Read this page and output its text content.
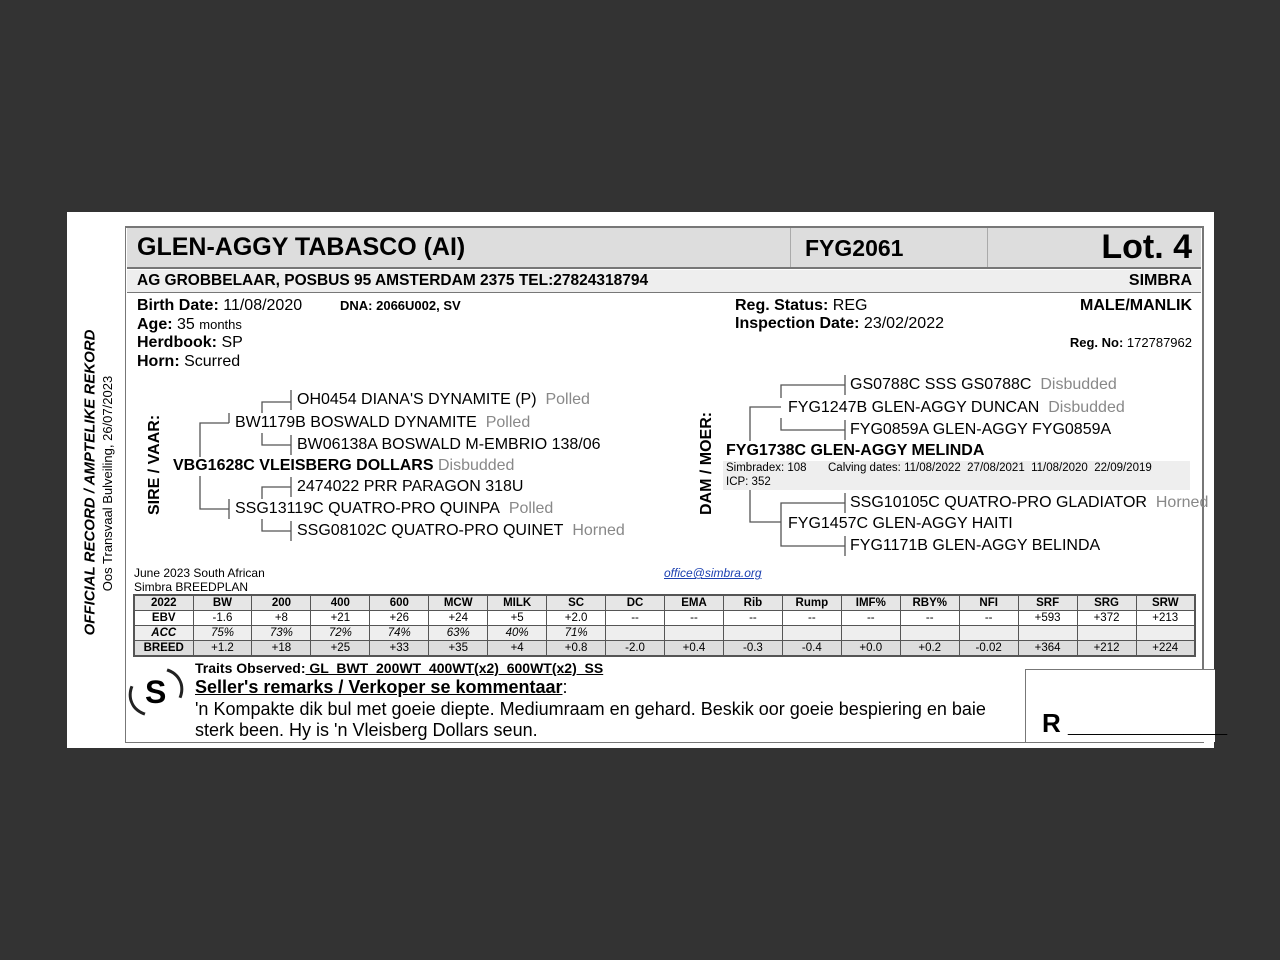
OFFICIAL RECORD / AMPTELIKE REKORD Oos Transvaal Bulveiling, 26/07/2023
GLEN-AGGY TABASCO (AI)	FYG2061	Lot. 4
AG GROBBELAAR, POSBUS 95 AMSTERDAM 2375 TEL:27824318794	SIMBRA
Birth Date: 11/08/2020	DNA: 2066U002, SV
Age: 35 months
Herdbook: SP
Horn: Scurred
Reg. Status: REG
Inspection Date: 23/02/2022
MALE/MANLIK
Reg. No: 172787962
SIRE / VAAR:	DAM / MOER:
OH0454 DIANA'S DYNAMITE (P) Polled
BW1179B BOSWALD DYNAMITE Polled
BW06138A BOSWALD M-EMBRIO 138/06
VBG1628C VLEISBERG DOLLARS Disbudded
2474022 PRR PARAGON 318U
SSG13119C QUATRO-PRO QUINPA Polled
SSG08102C QUATRO-PRO QUINET Horned
GS0788C SSS GS0788C Disbudded
FYG1247B GLEN-AGGY DUNCAN Disbudded
FYG0859A GLEN-AGGY FYG0859A
FYG1738C GLEN-AGGY MELINDA
Simbradex: 108 Calving dates: 11/08/2022  27/08/2021  11/08/2020  22/09/2019
ICP: 352
SSG10105C QUATRO-PRO GLADIATOR Horned
FYG1457C GLEN-AGGY HAITI
FYG1171B GLEN-AGGY BELINDA
June 2023 South African
Simbra BREEDPLAN
office@simbra.org
2022	BW	200	400	600	MCW	MILK	SC	DC	EMA	Rib	Rump	IMF%	RBY%	NFI	SRF	SRG	SRW
EBV	-1.6	+8	+21	+26	+24	+5	+2.0	--	--	--	--	--	--	--	+593	+372	+213
ACC	75%	73%	72%	74%	63%	40%	71%										
BREED	+1.2	+18	+25	+33	+35	+4	+0.8	-2.0	+0.4	-0.3	-0.4	+0.0	+0.2	-0.02	+364	+212	+224
S
Traits Observed: GL  BWT  200WT  400WT(x2)  600WT(x2)  SS
Seller's remarks / Verkoper se kommentaar:
'n Kompakte dik bul met goeie diepte. Mediumraam en gehard. Beskik oor goeie bespiering en baie
sterk been. Hy is 'n Vleisberg Dollars seun.	R ___________
